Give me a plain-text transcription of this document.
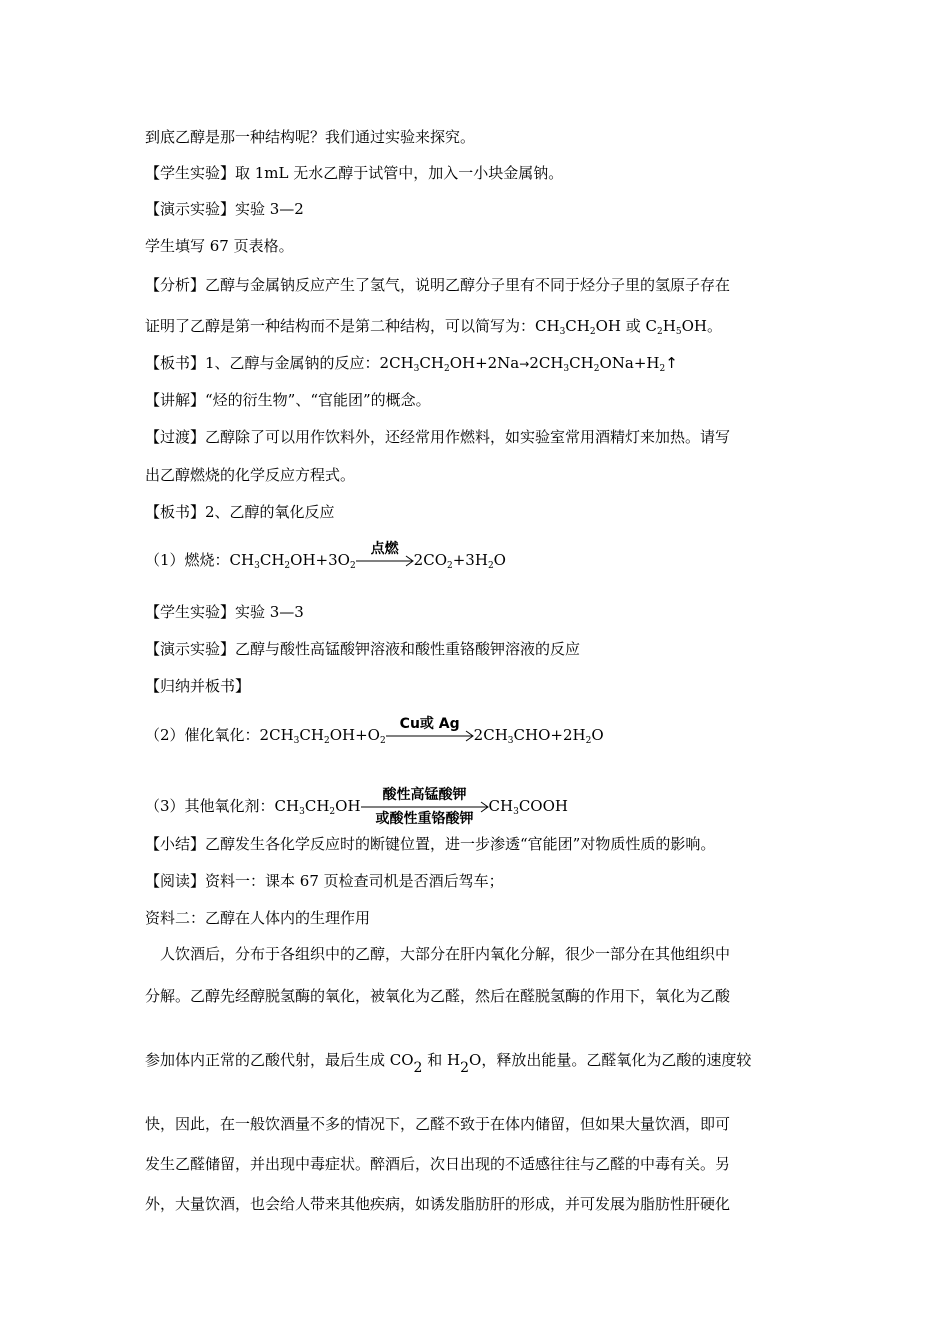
到底乙醇是那一种结构呢？我们通过实验来探究。
【学生实验】取 1mL 无水乙醇于试管中，加入一小块金属钠。
【演示实验】实验 3—2
学生填写 67 页表格。
【分析】乙醇与金属钠反应产生了氢气，说明乙醇分子里有不同于烃分子里的氢原子存在
证明了乙醇是第一种结构而不是第二种结构，可以简写为：$CH_3CH_2OH$ 或 $C_2H_5OH$。
【板书】1、乙醇与金属钠的反应：$2CH_3CH_2OH+2Na\to 2CH_3CH_2ONa+H_2↑$
【讲解】“烃的衍生物”、“官能团”的概念。
【过渡】乙醇除了可以用作饮料外，还经常用作燃料，如实验室常用酒精灯来加热。请写
出乙醇燃烧的化学反应方程式。
【板书】2、乙醇的氧化反应
（1）燃烧：$CH_3CH_2OH+3O_2$
点燃
$2CO_2+3H_2O$
【学生实验】实验 3—3
【演示实验】乙醇与酸性高锰酸钾溶液和酸性重铬酸钾溶液的反应
【归纳并板书】
（2）催化氧化：$2CH_3CH_2OH+O_2$
Cu或 Ag
$2CH_3CHO+2H_2O$
（3）其他氧化剂：$CH_3CH_2OH$
酸性高锰酸钾
或酸性重铬酸钾
$CH_3COOH$
【小结】乙醇发生各化学反应时的断键位置，进一步渗透“官能团”对物质性质的影响。
【阅读】资料一：课本 67 页检查司机是否酒后驾车；
资料二：乙醇在人体内的生理作用
人饮酒后，分布于各组织中的乙醇，大部分在肝内氧化分解，很少一部分在其他组织中
分解。乙醇先经醇脱氢酶的氧化，被氧化为乙醛，然后在醛脱氢酶的作用下，氧化为乙酸
参加体内正常的乙酸代射，最后生成 CO2 和 H2O，释放出能量。乙醛氧化为乙酸的速度较
快，因此，在一般饮酒量不多的情况下，乙醛不致于在体内储留，但如果大量饮酒，即可
发生乙醛储留，并出现中毒症状。醉酒后，次日出现的不适感往往与乙醛的中毒有关。另
外，大量饮酒，也会给人带来其他疾病，如诱发脂肪肝的形成，并可发展为脂肪性肝硬化
